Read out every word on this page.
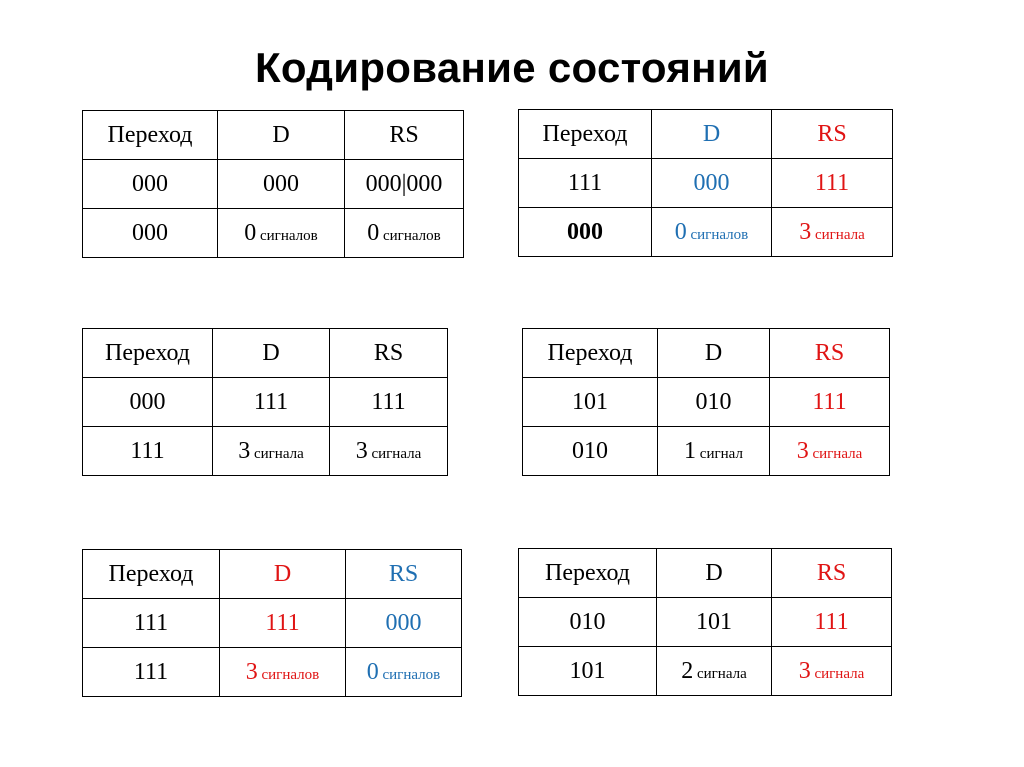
Кодирование состояний
Переход	D	RS
000	000	000|000
000	0 сигналов	0 сигналов
Переход	D	RS
111	000	111
000	0 сигналов	3 сигнала
Переход	D	RS
000	111	111
111	3 сигнала	3 сигнала
Переход	D	RS
101	010	111
010	1 сигнал	3 сигнала
Переход	D	RS
111	111	000
111	3 сигналов	0 сигналов
Переход	D	RS
010	101	111
101	2 сигнала	3 сигнала
